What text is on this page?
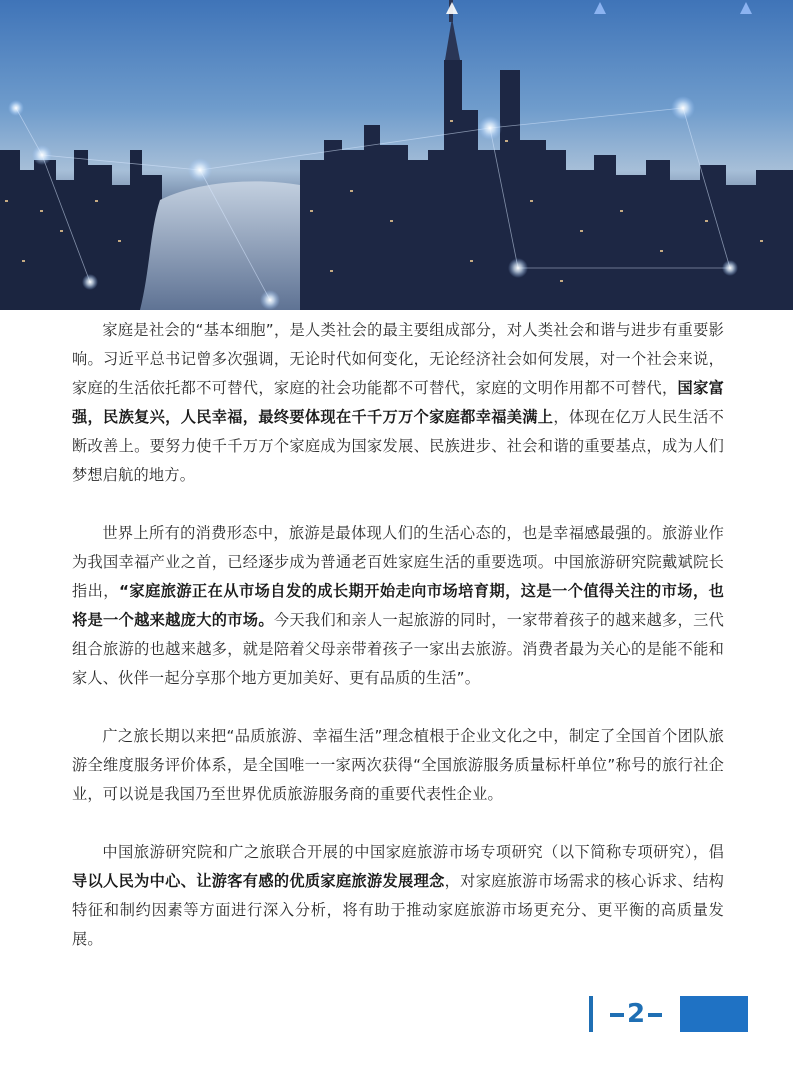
家庭是社会的“基本细胞”，是人类社会的最主要组成部分，对人类社会和谐与进步有重要影响。习近平总书记曾多次强调，无论时代如何变化，无论经济社会如何发展，对一个社会来说，家庭的生活依托都不可替代，家庭的社会功能都不可替代，家庭的文明作用都不可替代，国家富强，民族复兴，人民幸福，最终要体现在千千万万个家庭都幸福美满上，体现在亿万人民生活不断改善上。要努力使千千万万个家庭成为国家发展、民族进步、社会和谐的重要基点，成为人们梦想启航的地方。

世界上所有的消费形态中，旅游是最体现人们的生活心态的，也是幸福感最强的。旅游业作为我国幸福产业之首，已经逐步成为普通老百姓家庭生活的重要选项。中国旅游研究院戴斌院长指出，“家庭旅游正在从市场自发的成长期开始走向市场培育期，这是一个值得关注的市场，也将是一个越来越庞大的市场。今天我们和亲人一起旅游的同时，一家带着孩子的越来越多，三代组合旅游的也越来越多，就是陪着父母亲带着孩子一家出去旅游。消费者最为关心的是能不能和家人、伙伴一起分享那个地方更加美好、更有品质的生活”。

广之旅长期以来把“品质旅游、幸福生活”理念植根于企业文化之中，制定了全国首个团队旅游全维度服务评价体系，是全国唯一一家两次获得“全国旅游服务质量标杆单位”称号的旅行社企业，可以说是我国乃至世界优质旅游服务商的重要代表性企业。

中国旅游研究院和广之旅联合开展的中国家庭旅游市场专项研究（以下简称专项研究），倡导以人民为中心、让游客有感的优质家庭旅游发展理念，对家庭旅游市场需求的核心诉求、结构特征和制约因素等方面进行深入分析，将有助于推动家庭旅游市场更充分、更平衡的高质量发展。

2
